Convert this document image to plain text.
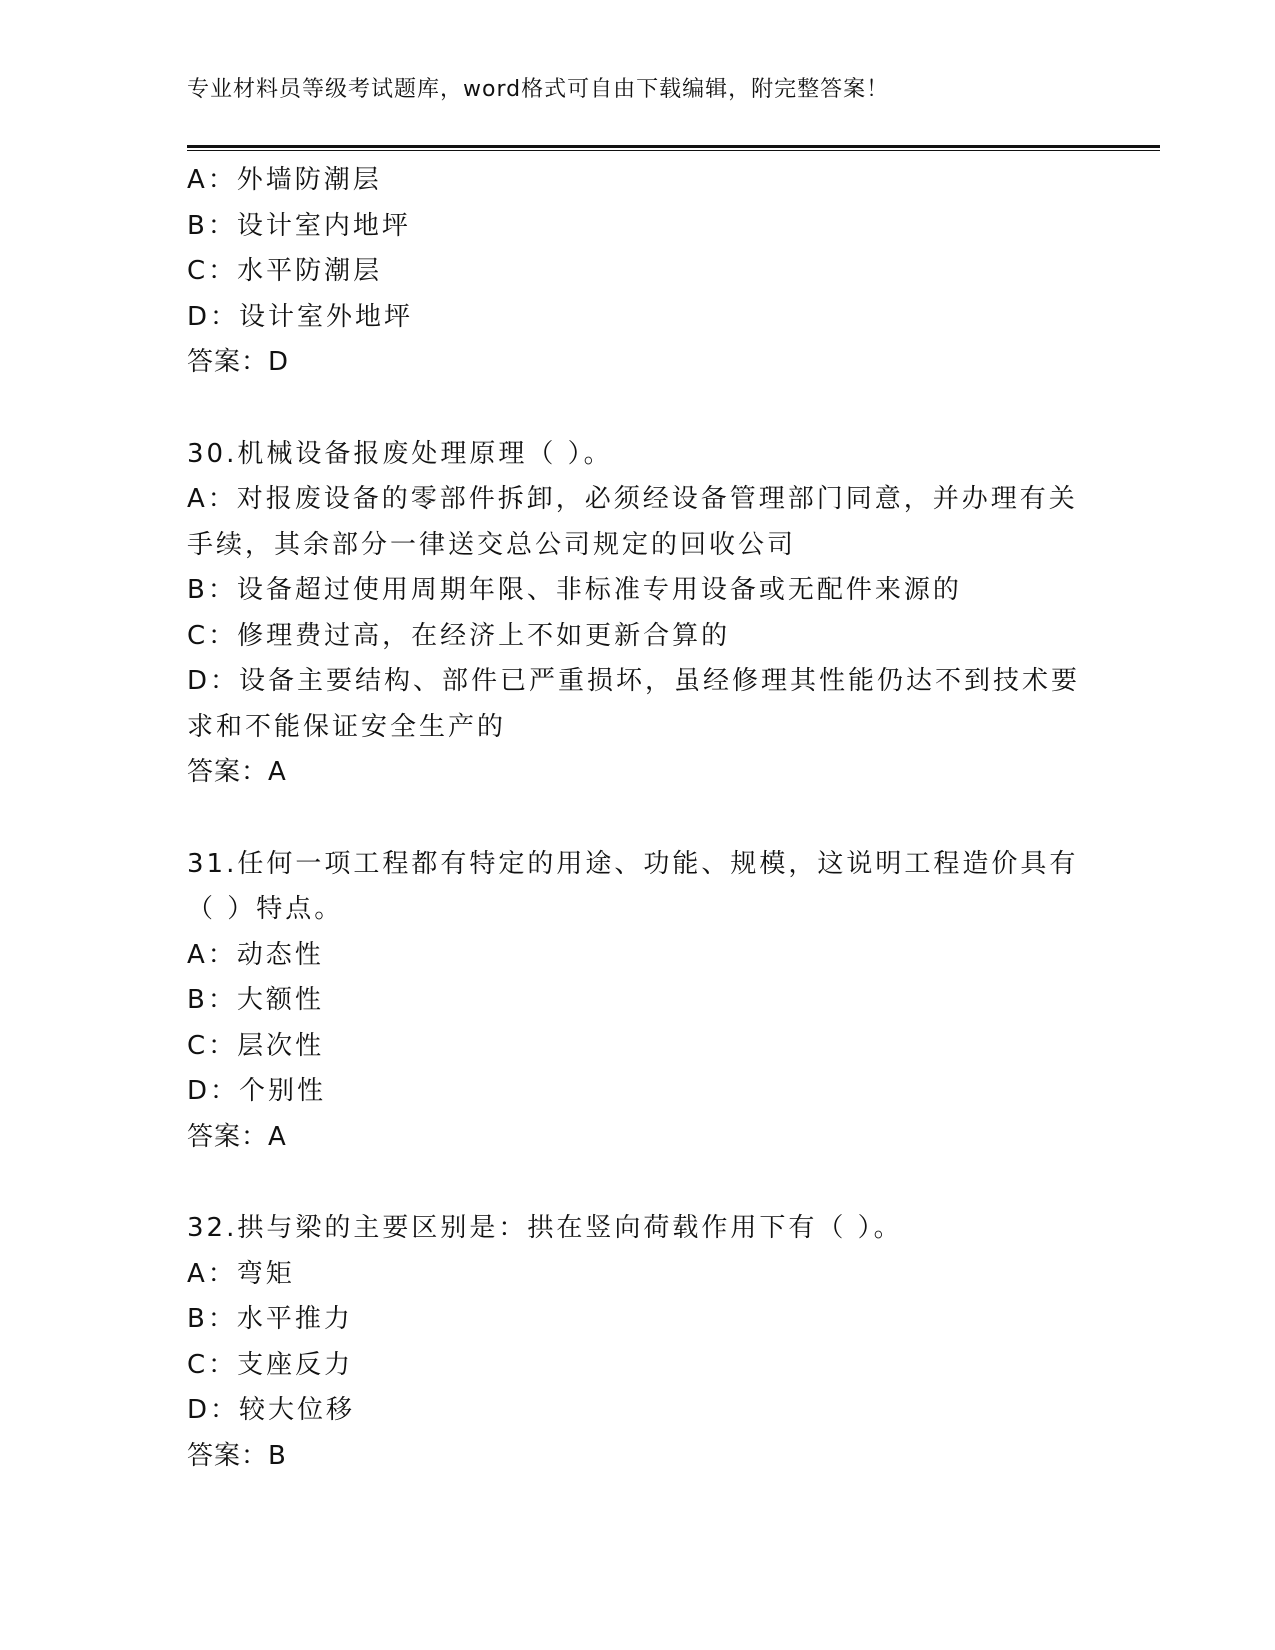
专业材料员等级考试题库，word格式可自由下载编辑，附完整答案！
A：外墙防潮层
B：设计室内地坪
C：水平防潮层
D：设计室外地坪
答案：D
30.机械设备报废处理原理（ ）。
A：对报废设备的零部件拆卸，必须经设备管理部门同意，并办理有关
手续，其余部分一律送交总公司规定的回收公司
B：设备超过使用周期年限、非标准专用设备或无配件来源的
C：修理费过高，在经济上不如更新合算的
D：设备主要结构、部件已严重损坏，虽经修理其性能仍达不到技术要
求和不能保证安全生产的
答案：A
31.任何一项工程都有特定的用途、功能、规模，这说明工程造价具有
（ ）特点。
A：动态性
B：大额性
C：层次性
D：个别性
答案：A
32.拱与梁的主要区别是：拱在竖向荷载作用下有（ ）。
A：弯矩
B：水平推力
C：支座反力
D：较大位移
答案：B
